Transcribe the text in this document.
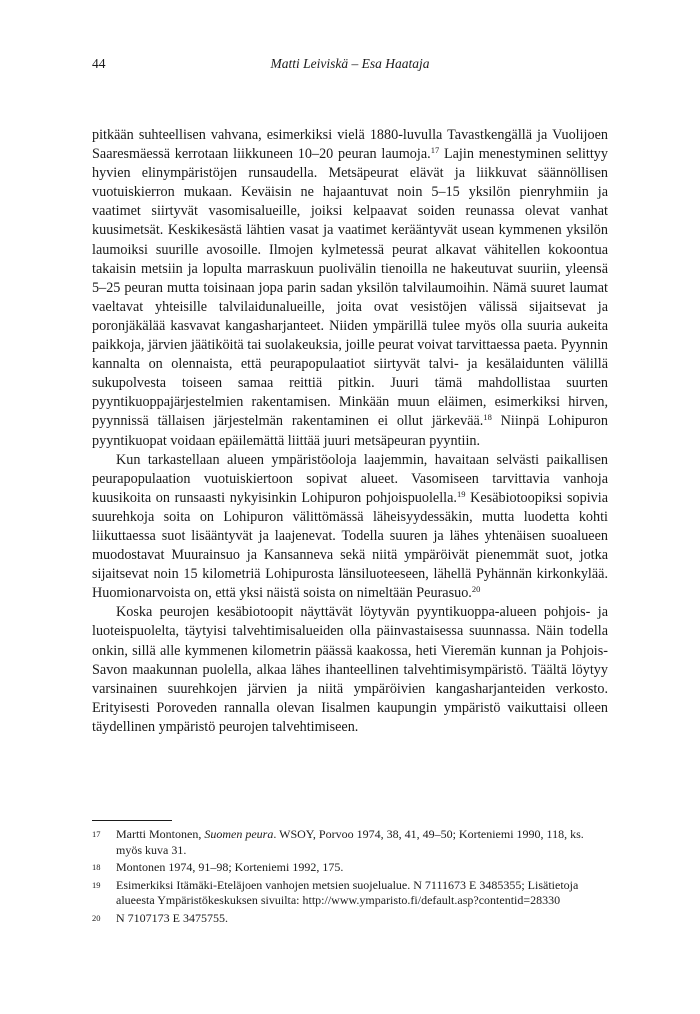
44	Matti Leiviskä – Esa Haataja

pitkään suhteellisen vahvana, esimerkiksi vielä 1880-luvulla Tavastkengällä ja Vuolijoen Saaresmäessä kerrotaan liikkuneen 10–20 peuran laumoja.$^{17}$ Lajin menestyminen selittyy hyvien elinympäristöjen runsaudella. Metsäpeurat elävät ja liikkuvat säännöllisen vuotuiskierron mukaan. Keväisin ne hajaantuvat noin 5–15 yksilön pienryhmiin ja vaatimet siirtyvät vasomisalueille, joiksi kelpaavat soiden reunassa olevat vanhat kuusimetsät. Keskikesästä lähtien vasat ja vaatimet kerääntyvät usean kymmenen yksilön laumoiksi suurille avosoille. Ilmojen kylmetessä peurat alkavat vähitellen kokoontua takaisin metsiin ja lopulta marraskuun puolivälin tienoilla ne hakeutuvat suuriin, yleensä 5–25 peuran mutta toisinaan jopa parin sadan yksilön talvilaumoihin. Nämä suuret laumat vaeltavat yhteisille talvilaidunalueille, joita ovat vesistöjen välissä sijaitsevat ja poronjäkälää kasvavat kangasharjanteet. Niiden ympärillä tulee myös olla suuria aukeita paikkoja, järvien jäätiköitä tai suolakeuksia, joille peurat voivat tarvittaessa paeta. Pyynnin kannalta on olennaista, että peurapopulaatiot siirtyvät talvi- ja kesälaidunten välillä sukupolvesta toiseen samaa reittiä pitkin. Juuri tämä mahdollistaa suurten pyyntikuoppajärjestelmien rakentamisen. Minkään muun eläimen, esimerkiksi hirven, pyynnissä tällaisen järjestelmän rakentaminen ei ollut järkevää.$^{18}$ Niinpä Lohipuron pyyntikuopat voidaan epäilemättä liittää juuri metsäpeuran pyyntiin.

Kun tarkastellaan alueen ympäristöoloja laajemmin, havaitaan selvästi paikallisen peurapopulaation vuotuiskiertoon sopivat alueet. Vasomiseen tarvittavia vanhoja kuusikoita on runsaasti nykyisinkin Lohipuron pohjoispuolella.$^{19}$ Kesäbiotoopiksi sopivia suurehkoja soita on Lohipuron välittömässä läheisyydessäkin, mutta luodetta kohti liikuttaessa suot lisääntyvät ja laajenevat. Todella suuren ja lähes yhtenäisen suoalueen muodostavat Muurainsuo ja Kansanneva sekä niitä ympäröivät pienemmät suot, jotka sijaitsevat noin 15 kilometriä Lohipurosta länsiluoteeseen, lähellä Pyhännän kirkonkylää. Huomionarvoista on, että yksi näistä soista on nimeltään Peurasuo.$^{20}$

Koska peurojen kesäbiotoopit näyttävät löytyvän pyyntikuoppa-alueen pohjois- ja luoteispuolelta, täytyisi talvehtimisalueiden olla päinvastaisessa suunnassa. Näin todella onkin, sillä alle kymmenen kilometrin päässä kaakossa, heti Vieremän kunnan ja Pohjois-Savon maakunnan puolella, alkaa lähes ihanteellinen talvehtimisympäristö. Täältä löytyy varsinainen suurehkojen järvien ja niitä ympäröivien kangasharjanteiden verkosto. Erityisesti Poroveden rannalla olevan Iisalmen kaupungin ympäristö vaikuttaisi olleen täydellinen ympäristö peurojen talvehtimiseen.

17 Martti Montonen, Suomen peura. WSOY, Porvoo 1974, 38, 41, 49–50; Korteniemi 1990, 118, ks. myös kuva 31.
18 Montonen 1974, 91–98; Korteniemi 1992, 175.
19 Esimerkiksi Itämäki-Eteläjoen vanhojen metsien suojelualue. N 7111673 E 3485355; Lisätietoja alueesta Ympäristökeskuksen sivuilta: http://www.ymparisto.fi/default.asp?contentid=28330
20 N 7107173 E 3475755.
